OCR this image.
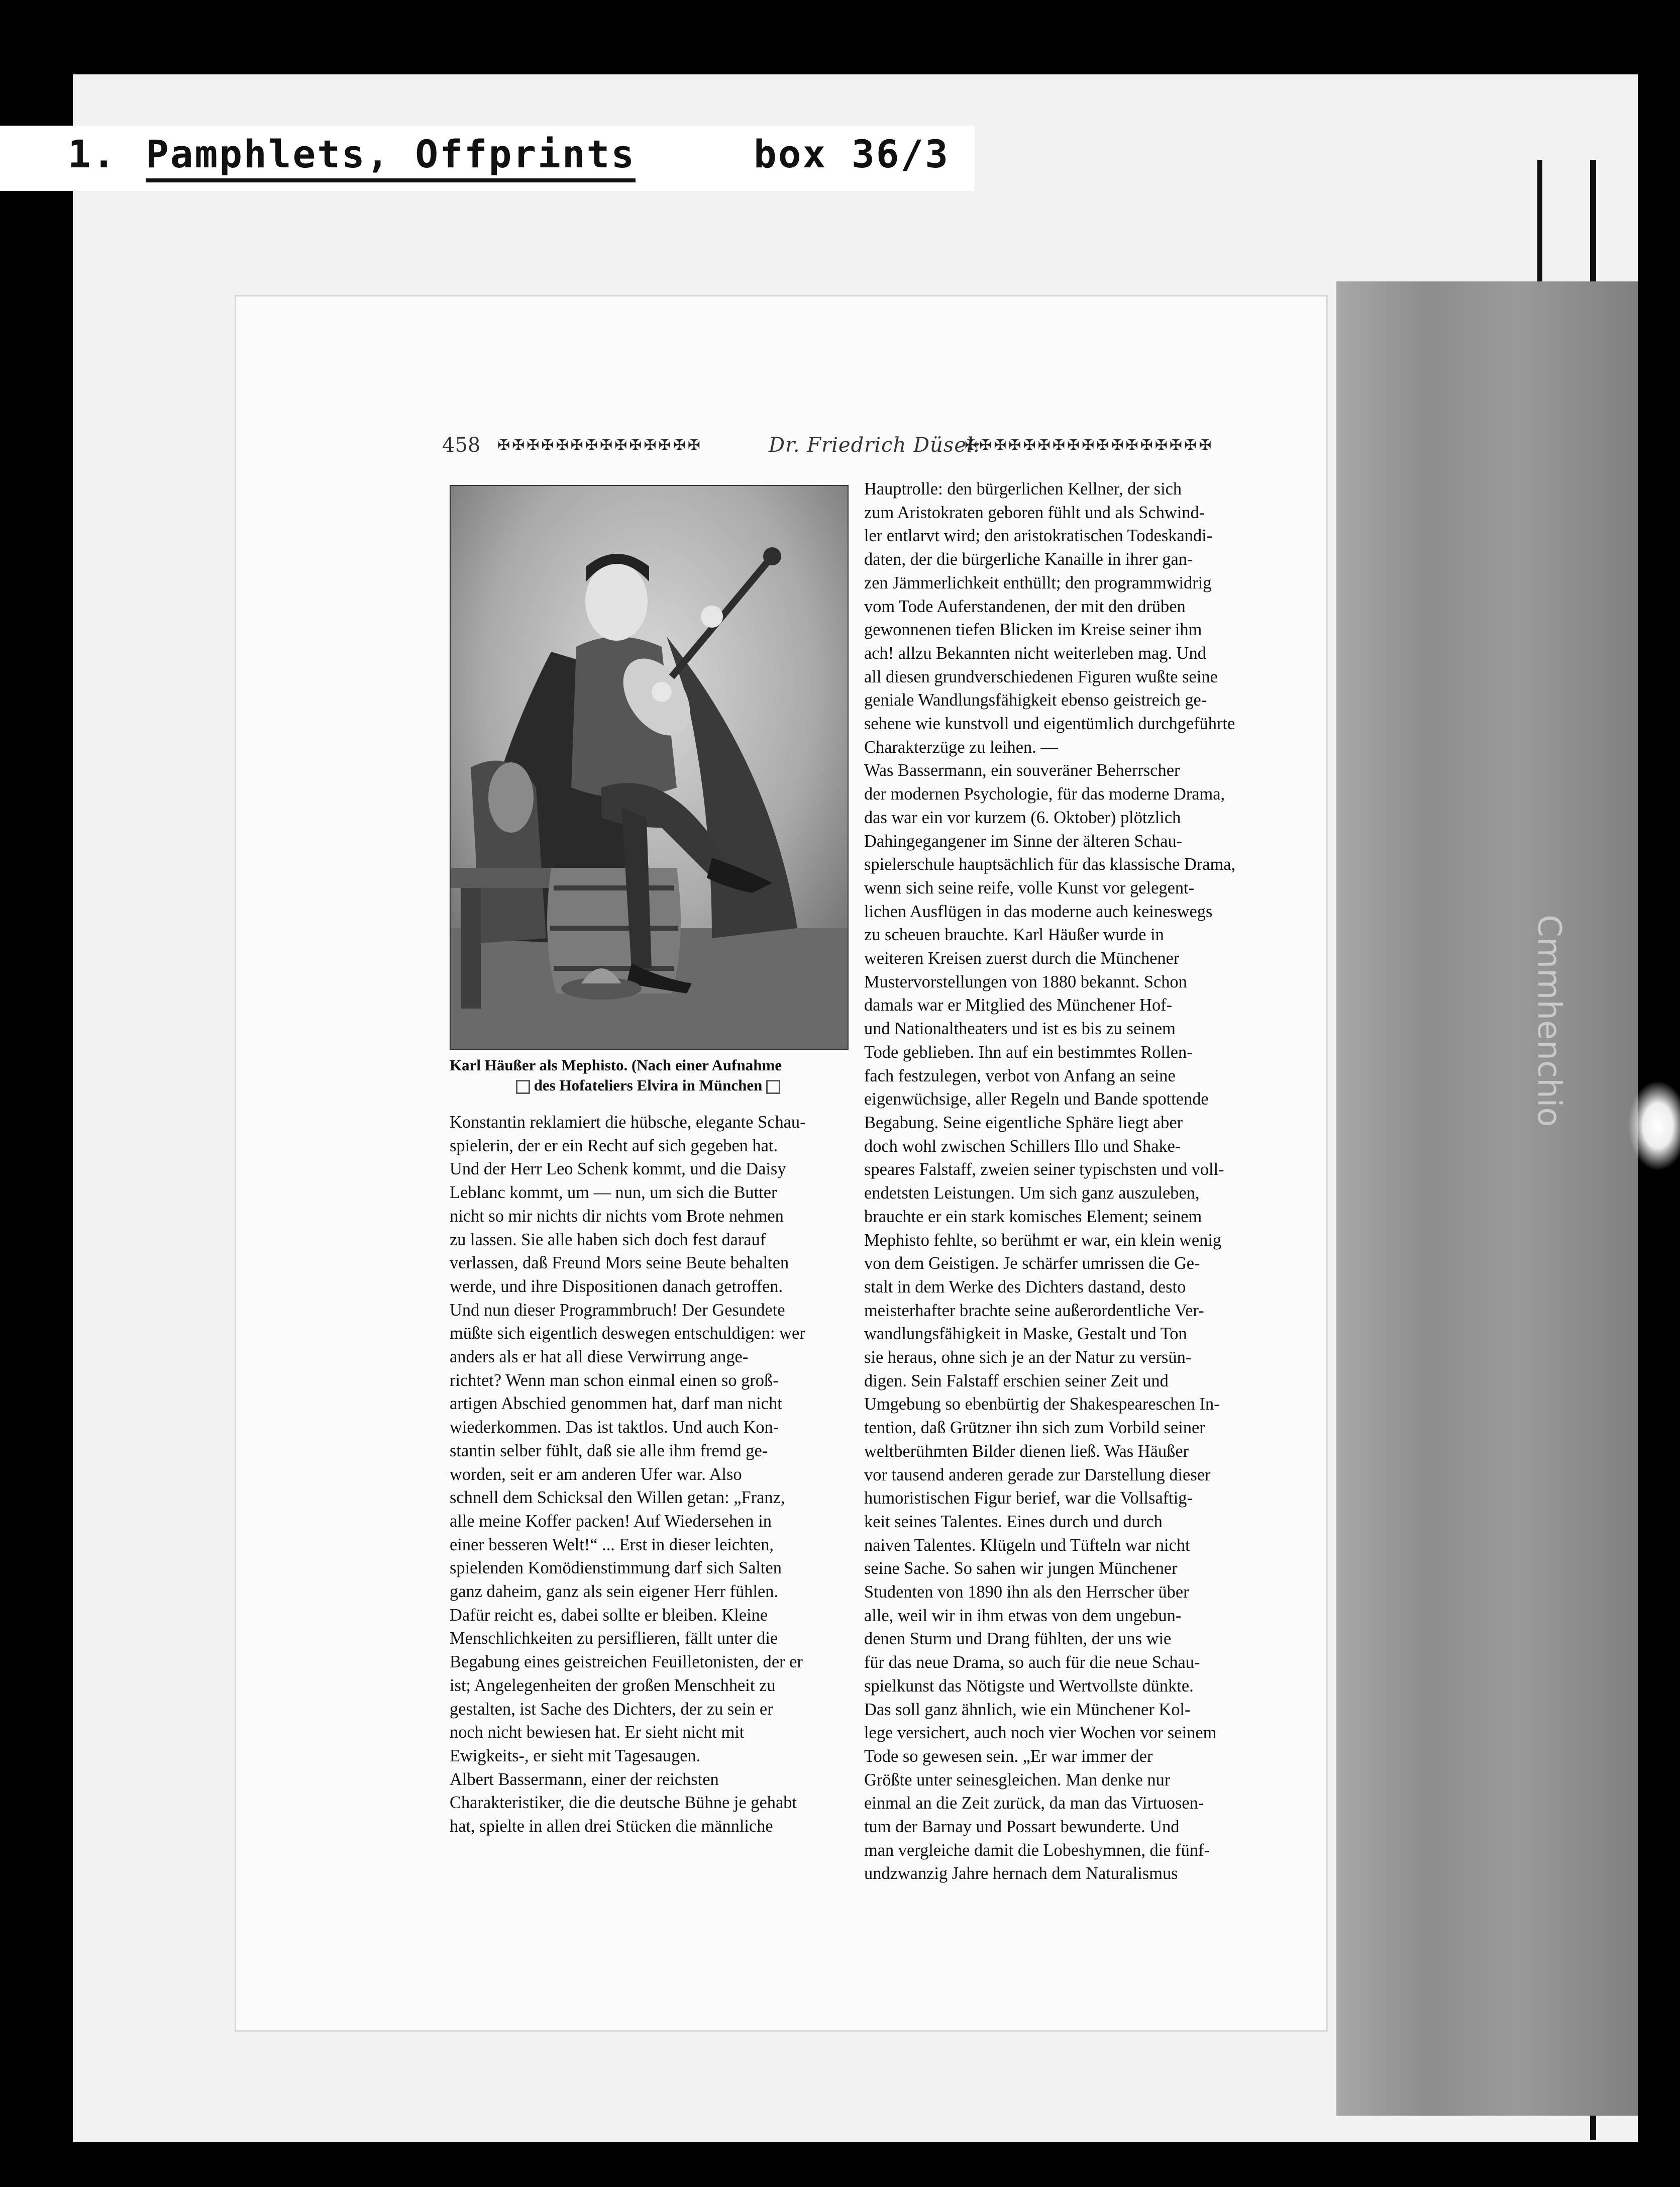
1. Pamphlets, Offprints	box 36/3
Cmmhenchio
458 ✠✠✠✠✠✠✠✠✠✠✠✠✠✠	Dr. Friedrich Düsel:
✠✠✠✠✠✠✠✠✠✠✠✠✠✠✠✠✠
Karl Häußer als Mephisto. (Nach einer Aufnahme
des Hofateliers Elvira in München
Konstantin reklamiert die hübsche, elegante Schau-
spielerin, der er ein Recht auf sich gegeben hat.
Und der Herr Leo Schenk kommt, und die Daisy
Leblanc kommt, um — nun, um sich die Butter
nicht so mir nichts dir nichts vom Brote nehmen
zu lassen. Sie alle haben sich doch fest darauf
verlassen, daß Freund Mors seine Beute behalten
werde, und ihre Dispositionen danach getroffen.
Und nun dieser Programmbruch! Der Gesundete
müßte sich eigentlich deswegen entschuldigen: wer
anders als er hat all diese Verwirrung ange-
richtet? Wenn man schon einmal einen so groß-
artigen Abschied genommen hat, darf man nicht
wiederkommen. Das ist taktlos. Und auch Kon-
stantin selber fühlt, daß sie alle ihm fremd ge-
worden, seit er am anderen Ufer war. Also
schnell dem Schicksal den Willen getan: „Franz,
alle meine Koffer packen! Auf Wiedersehen in
einer besseren Welt!“ ... Erst in dieser leichten,
spielenden Komödienstimmung darf sich Salten
ganz daheim, ganz als sein eigener Herr fühlen.
Dafür reicht es, dabei sollte er bleiben. Kleine
Menschlichkeiten zu persiflieren, fällt unter die
Begabung eines geistreichen Feuilletonisten, der er
ist; Angelegenheiten der großen Menschheit zu
gestalten, ist Sache des Dichters, der zu sein er
noch nicht bewiesen hat. Er sieht nicht mit
Ewigkeits-, er sieht mit Tagesaugen.
Albert Bassermann, einer der reichsten
Charakteristiker, die die deutsche Bühne je gehabt
hat, spielte in allen drei Stücken die männliche
Hauptrolle: den bürgerlichen Kellner, der sich
zum Aristokraten geboren fühlt und als Schwind-
ler entlarvt wird; den aristokratischen Todeskandi-
daten, der die bürgerliche Kanaille in ihrer gan-
zen Jämmerlichkeit enthüllt; den programmwidrig
vom Tode Auferstandenen, der mit den drüben
gewonnenen tiefen Blicken im Kreise seiner ihm
ach! allzu Bekannten nicht weiterleben mag. Und
all diesen grundverschiedenen Figuren wußte seine
geniale Wandlungsfähigkeit ebenso geistreich ge-
sehene wie kunstvoll und eigentümlich durchgeführte
Charakterzüge zu leihen. —
Was Bassermann, ein souveräner Beherrscher
der modernen Psychologie, für das moderne Drama,
das war ein vor kurzem (6. Oktober) plötzlich
Dahingegangener im Sinne der älteren Schau-
spielerschule hauptsächlich für das klassische Drama,
wenn sich seine reife, volle Kunst vor gelegent-
lichen Ausflügen in das moderne auch keineswegs
zu scheuen brauchte. Karl Häußer wurde in
weiteren Kreisen zuerst durch die Münchener
Mustervorstellungen von 1880 bekannt. Schon
damals war er Mitglied des Münchener Hof-
und Nationaltheaters und ist es bis zu seinem
Tode geblieben. Ihn auf ein bestimmtes Rollen-
fach festzulegen, verbot von Anfang an seine
eigenwüchsige, aller Regeln und Bande spottende
Begabung. Seine eigentliche Sphäre liegt aber
doch wohl zwischen Schillers Illo und Shake-
speares Falstaff, zweien seiner typischsten und voll-
endetsten Leistungen. Um sich ganz auszuleben,
brauchte er ein stark komisches Element; seinem
Mephisto fehlte, so berühmt er war, ein klein wenig
von dem Geistigen. Je schärfer umrissen die Ge-
stalt in dem Werke des Dichters dastand, desto
meisterhafter brachte seine außerordentliche Ver-
wandlungsfähigkeit in Maske, Gestalt und Ton
sie heraus, ohne sich je an der Natur zu versün-
digen. Sein Falstaff erschien seiner Zeit und
Umgebung so ebenbürtig der Shakespeareschen In-
tention, daß Grützner ihn sich zum Vorbild seiner
weltberühmten Bilder dienen ließ. Was Häußer
vor tausend anderen gerade zur Darstellung dieser
humoristischen Figur berief, war die Vollsaftig-
keit seines Talentes. Eines durch und durch
naiven Talentes. Klügeln und Tüfteln war nicht
seine Sache. So sahen wir jungen Münchener
Studenten von 1890 ihn als den Herrscher über
alle, weil wir in ihm etwas von dem ungebun-
denen Sturm und Drang fühlten, der uns wie
für das neue Drama, so auch für die neue Schau-
spielkunst das Nötigste und Wertvollste dünkte.
Das soll ganz ähnlich, wie ein Münchener Kol-
lege versichert, auch noch vier Wochen vor seinem
Tode so gewesen sein. „Er war immer der
Größte unter seinesgleichen. Man denke nur
einmal an die Zeit zurück, da man das Virtuosen-
tum der Barnay und Possart bewunderte. Und
man vergleiche damit die Lobeshymnen, die fünf-
undzwanzig Jahre hernach dem Naturalismus
